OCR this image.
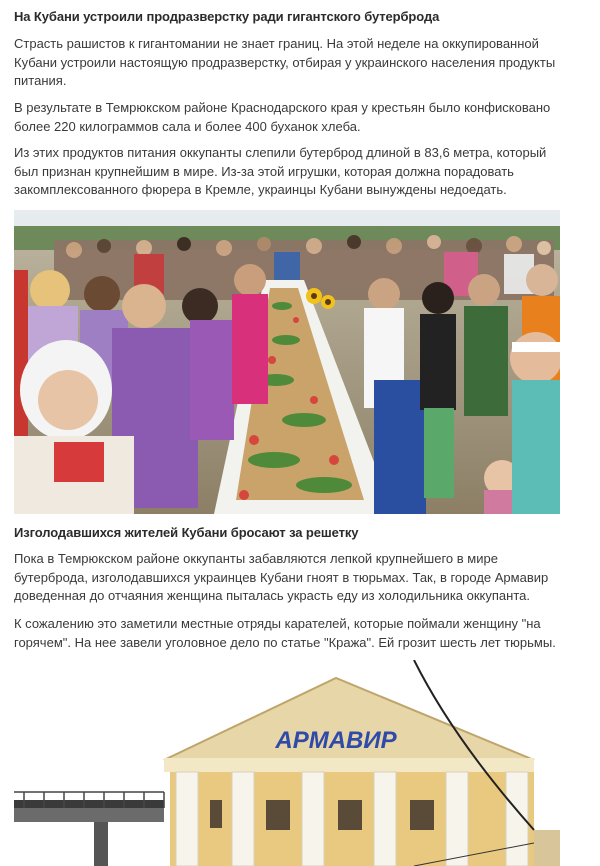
На Кубани устроили продразверстку ради гигантского бутерброда

Страсть рашистов к гигантомании не знает границ. На этой неделе на оккупированной Кубани устроили настоящую продразверстку, отбирая у украинского населения продукты питания.

В результате в Темрюкском районе Краснодарского края у крестьян было конфисковано более 220 килограммов сала и более 400 буханок хлеба.

Из этих продуктов питания оккупанты слепили бутерброд длиной в 83,6 метра, который был признан крупнейшим в мире. Из-за этой игрушки, которая должна порадовать закомплексованного фюрера в Кремле, украинцы Кубани вынуждены недоедать.

Изголодавшихся жителей Кубани бросают за решетку

Пока в Темрюкском районе оккупанты забавляются лепкой крупнейшего в мире бутерброда, изголодавшихся украинцев Кубани гноят в тюрьмах. Так, в городе Армавир доведенная до отчаяния женщина пыталась украсть еду из холодильника оккупанта.

К сожалению это заметили местные отряды карателей, которые поймали женщину "на горячем". На нее завели уголовное дело по статье "Кража". Ей грозит шесть лет тюрьмы.

АРМАВИР
